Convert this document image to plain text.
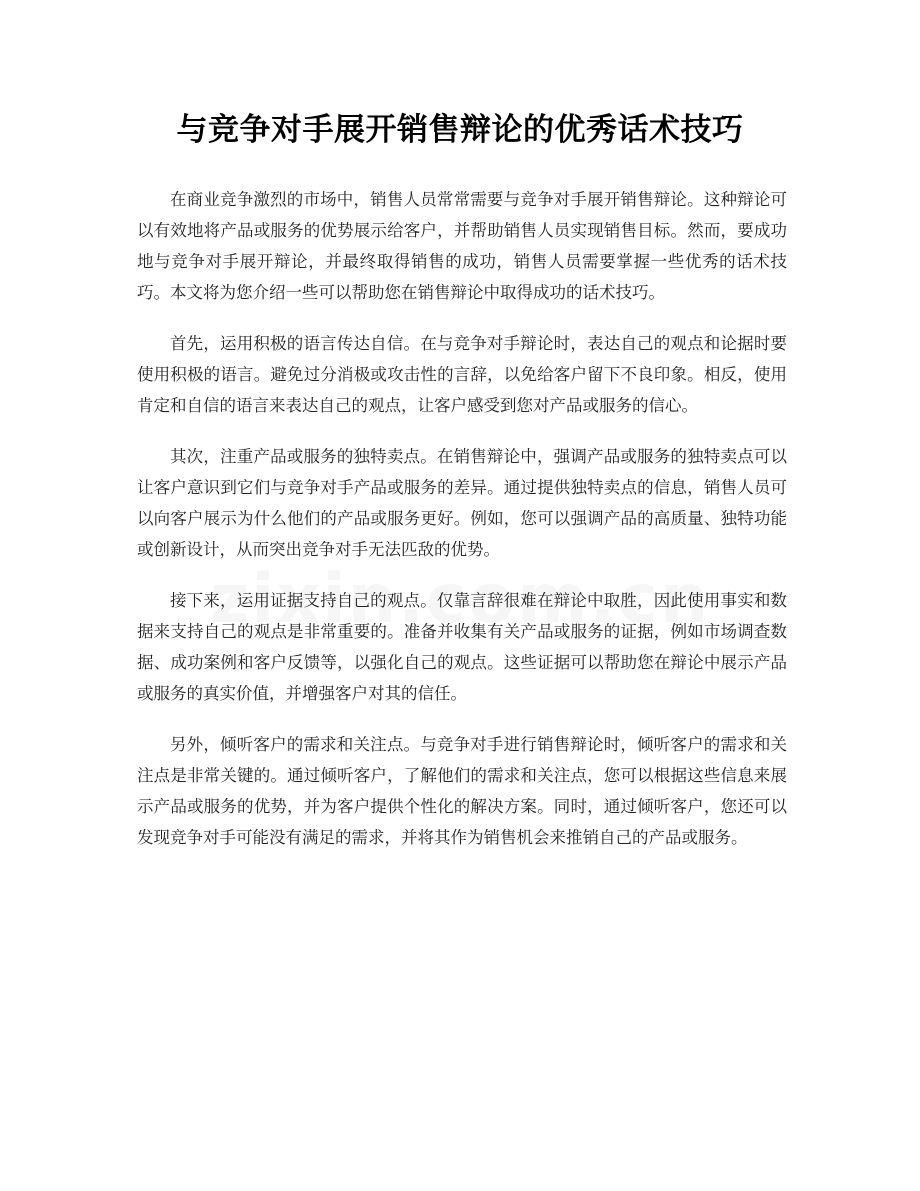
与竞争对手展开销售辩论的优秀话术技巧

在商业竞争激烈的市场中，销售人员常常需要与竞争对手展开销售辩论。这种辩论可以有效地将产品或服务的优势展示给客户，并帮助销售人员实现销售目标。然而，要成功地与竞争对手展开辩论，并最终取得销售的成功，销售人员需要掌握一些优秀的话术技巧。本文将为您介绍一些可以帮助您在销售辩论中取得成功的话术技巧。

首先，运用积极的语言传达自信。在与竞争对手辩论时，表达自己的观点和论据时要使用积极的语言。避免过分消极或攻击性的言辞，以免给客户留下不良印象。相反，使用肯定和自信的语言来表达自己的观点，让客户感受到您对产品或服务的信心。

其次，注重产品或服务的独特卖点。在销售辩论中，强调产品或服务的独特卖点可以让客户意识到它们与竞争对手产品或服务的差异。通过提供独特卖点的信息，销售人员可以向客户展示为什么他们的产品或服务更好。例如，您可以强调产品的高质量、独特功能或创新设计，从而突出竞争对手无法匹敌的优势。

接下来，运用证据支持自己的观点。仅靠言辞很难在辩论中取胜，因此使用事实和数据来支持自己的观点是非常重要的。准备并收集有关产品或服务的证据，例如市场调查数据、成功案例和客户反馈等，以强化自己的观点。这些证据可以帮助您在辩论中展示产品或服务的真实价值，并增强客户对其的信任。

另外，倾听客户的需求和关注点。与竞争对手进行销售辩论时，倾听客户的需求和关注点是非常关键的。通过倾听客户，了解他们的需求和关注点，您可以根据这些信息来展示产品或服务的优势，并为客户提供个性化的解决方案。同时，通过倾听客户，您还可以发现竞争对手可能没有满足的需求，并将其作为销售机会来推销自己的产品或服务。
